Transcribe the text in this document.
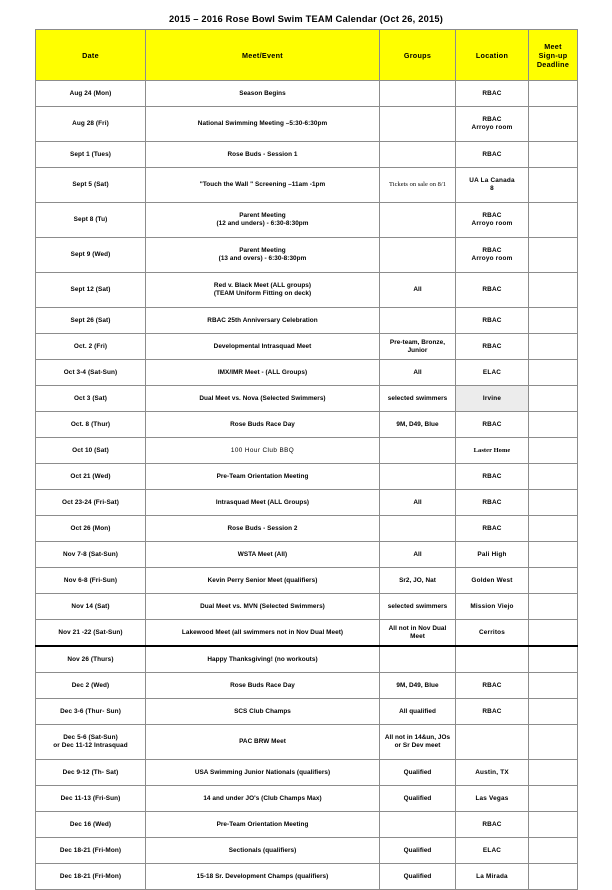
2015 – 2016 Rose Bowl Swim TEAM Calendar (Oct 26, 2015)
Date	Meet/Event	Groups	Location	Meet
Sign-up
Deadline

Aug 24 (Mon)	Season Begins		RBAC	

Aug 28 (Fri)	National Swimming Meeting –5:30-6:30pm		RBAC
Arroyo room	

Sept 1 (Tues)	Rose Buds - Session 1		RBAC	

Sept 5 (Sat)	"Touch the Wall " Screening –11am -1pm	Tickets on sale on 8/1	UA La Canada
8	

Sept 8 (Tu)	Parent Meeting
(12 and unders) - 6:30-8:30pm		RBAC
Arroyo room	

Sept 9 (Wed)	Parent Meeting
(13 and overs) - 6:30-8:30pm		RBAC
Arroyo room	

Sept 12 (Sat)	Red v. Black Meet (ALL groups)
(TEAM Uniform Fitting on deck)	All	RBAC	

Sept 26 (Sat)	RBAC 25th Anniversary Celebration		RBAC	

Oct. 2 (Fri)	Developmental Intrasquad Meet	Pre-team, Bronze, Junior	RBAC	

Oct 3-4 (Sat-Sun)	IMX/IMR Meet - (ALL Groups)	All	ELAC	

Oct 3 (Sat)	Dual Meet vs. Nova (Selected Swimmers)	selected swimmers	Irvine	

Oct. 8 (Thur)	Rose Buds Race Day	9M, D49, Blue	RBAC	

Oct 10 (Sat)	100 Hour Club BBQ		Laster Home	

Oct 21 (Wed)	Pre-Team Orientation Meeting		RBAC	

Oct 23-24 (Fri-Sat)	Intrasquad Meet (ALL Groups)	All	RBAC	

Oct 26 (Mon)	Rose Buds - Session 2		RBAC	

Nov 7-8 (Sat-Sun)	WSTA Meet (All)	All	Pali High	

Nov 6-8 (Fri-Sun)	Kevin Perry Senior Meet (qualifiers)	Sr2, JO, Nat	Golden West	

Nov 14 (Sat)	Dual Meet vs. MVN (Selected Swimmers)	selected swimmers	Mission Viejo	

Nov 21 -22 (Sat-Sun)	Lakewood Meet (all swimmers not in Nov Dual Meet)	All not in Nov Dual Meet	Cerritos	

Nov 26 (Thurs)	Happy Thanksgiving! (no workouts)			

Dec 2 (Wed)	Rose Buds Race Day	9M, D49, Blue	RBAC	

Dec 3-6 (Thur- Sun)	SCS Club Champs	All qualified	RBAC	

Dec 5-6 (Sat-Sun)
or Dec 11-12 Intrasquad	PAC BRW Meet	All not in 14&un, JOs or Sr Dev meet		

Dec 9-12 (Th- Sat)	USA Swimming Junior Nationals (qualifiers)	Qualified	Austin, TX	

Dec 11-13 (Fri-Sun)	14 and under JO's (Club Champs Max)	Qualified	Las Vegas	

Dec 16 (Wed)	Pre-Team Orientation Meeting		RBAC	

Dec 18-21 (Fri-Mon)	Sectionals (qualifiers)	Qualified	ELAC	

Dec 18-21 (Fri-Mon)	15-18 Sr. Development Champs (qualifiers)	Qualified	La Mirada	
